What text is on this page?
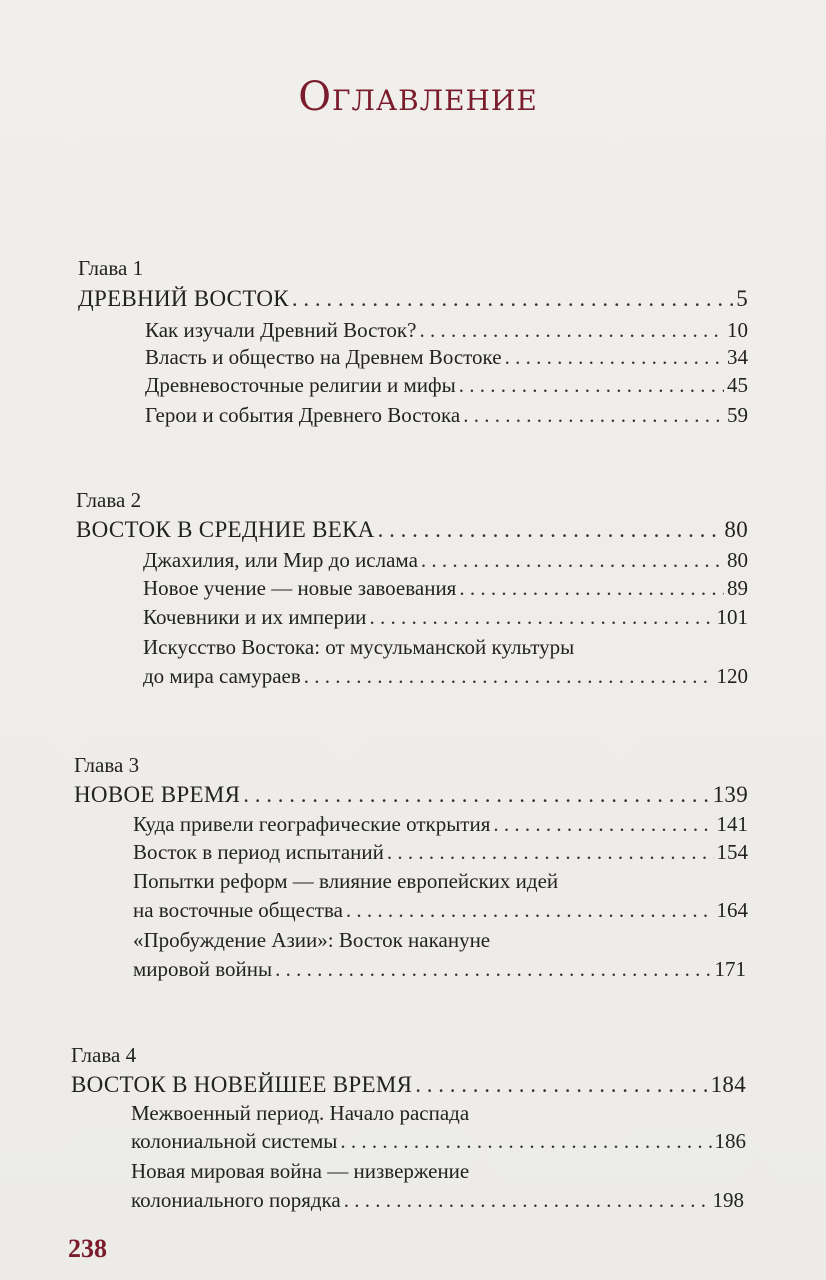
Оглавление
Глава 1
ДРЕВНИЙ ВОСТОК . . .	5
Как изучали Древний Восток? . . .	10
Власть и общество на Древнем Востоке . . .	34
Древневосточные религии и мифы . . .	45
Герои и события Древнего Востока . . .	59
Глава 2
ВОСТОК В СРЕДНИЕ ВЕКА . . .	80
Джахилия, или Мир до ислама . . .	80
Новое учение — новые завоевания . . .	89
Кочевники и их империи . . .	101
Искусство Востока: от мусульманской культуры
до мира самураев . . .	120
Глава 3
НОВОЕ ВРЕМЯ . . .	139
Куда привели географические открытия . . .	141
Восток в период испытаний . . .	154
Попытки реформ — влияние европейских идей
на восточные общества . . .	164
«Пробуждение Азии»: Восток накануне
мировой войны . . .	171
Глава 4
ВОСТОК В НОВЕЙШЕЕ ВРЕМЯ . . .	184
Межвоенный период. Начало распада
колониальной системы . . .	186
Новая мировая война — низвержение
колониального порядка . . .	198
238
